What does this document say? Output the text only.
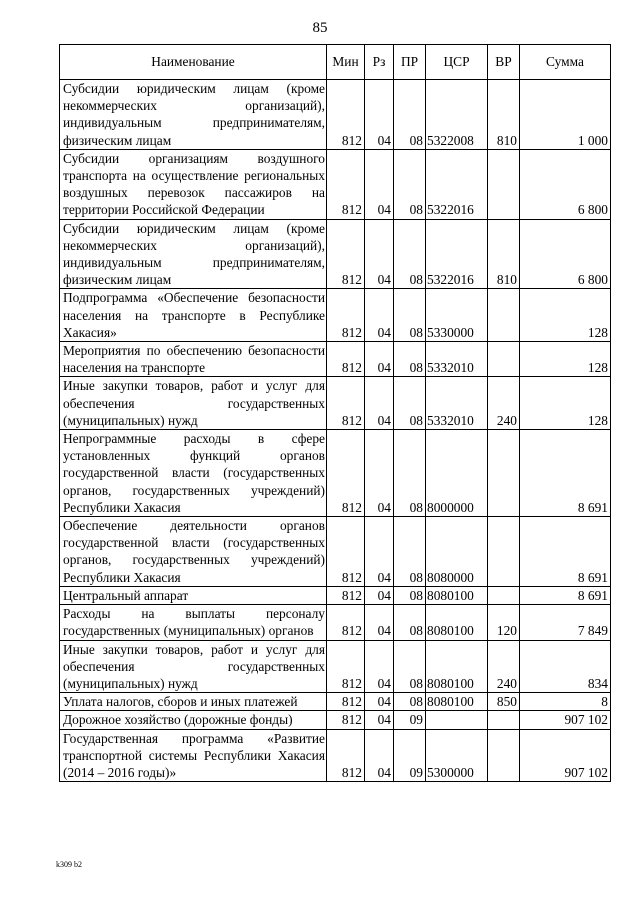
85
Наименование	Мин	Рз	ПР	ЦСР	ВР	Сумма
Субсидии юридическим лицам (кроме некоммерческих организаций), индивидуальным предпринимателям, физическим лицам	812	04	08	5322008	810	1 000
Субсидии организациям воздушного транспорта на осуществление региональных воздушных перевозок пассажиров на территории Российской Федерации	812	04	08	5322016		6 800
Субсидии юридическим лицам (кроме некоммерческих организаций), индивидуальным предпринимателям, физическим лицам	812	04	08	5322016	810	6 800
Подпрограмма «Обеспечение безопасности населения на транспорте в Республике Хакасия»	812	04	08	5330000		128
Мероприятия по обеспечению безопасности населения на транспорте	812	04	08	5332010		128
Иные закупки товаров, работ и услуг для обеспечения государственных (муниципальных) нужд	812	04	08	5332010	240	128
Непрограммные расходы в сфере установленных функций органов государственной власти (государственных органов, государственных учреждений) Республики Хакасия	812	04	08	8000000		8 691
Обеспечение деятельности органов государственной власти (государственных органов, государственных учреждений) Республики Хакасия	812	04	08	8080000		8 691
Центральный аппарат	812	04	08	8080100		8 691
Расходы на выплаты персоналу государственных (муниципальных) органов	812	04	08	8080100	120	7 849
Иные закупки товаров, работ и услуг для обеспечения государственных (муниципальных) нужд	812	04	08	8080100	240	834
Уплата налогов, сборов и иных платежей	812	04	08	8080100	850	8
Дорожное хозяйство (дорожные фонды)	812	04	09			907 102
Государственная программа «Развитие транспортной системы Республики Хакасия (2014 – 2016 годы)»	812	04	09	5300000		907 102
k309 b2
